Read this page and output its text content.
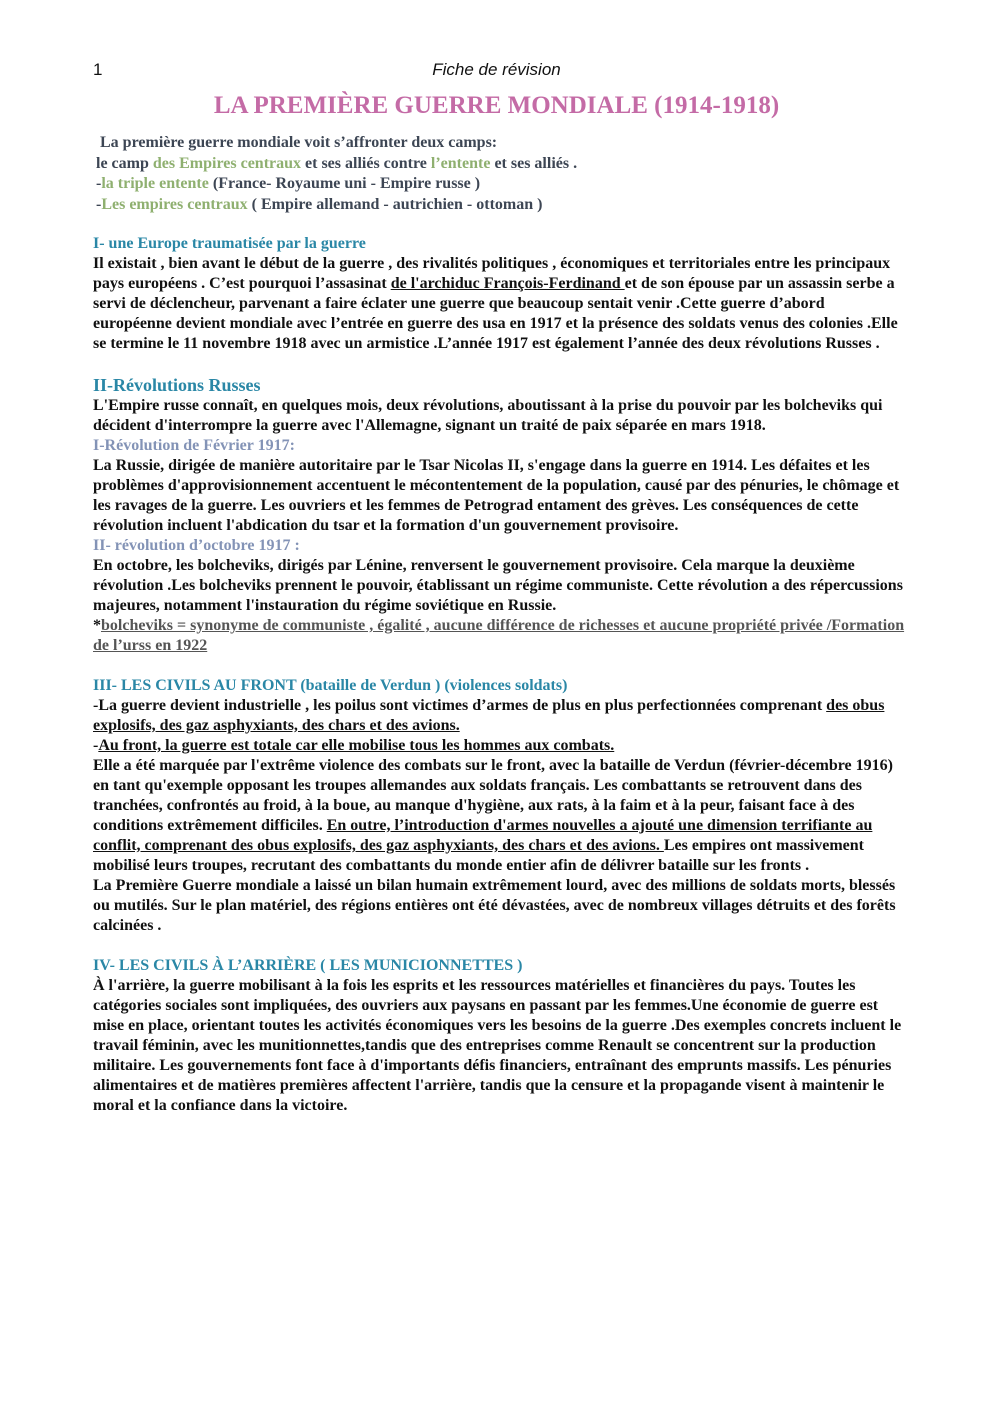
1	Fiche de révision
LA PREMIÈRE GUERRE MONDIALE (1914-1918)
La première guerre mondiale voit s’affronter deux camps:
le camp des Empires centraux et ses alliés contre l’entente et ses alliés .
-la triple entente (France- Royaume uni - Empire russe )
-Les empires centraux ( Empire allemand - autrichien - ottoman )
I- une Europe traumatisée par la guerre

Il existait , bien avant le début de la guerre , des rivalités politiques , économiques et territoriales entre les principaux pays européens . C’est pourquoi l’assasinat de l'archiduc François-Ferdinand et de son épouse par un assassin serbe a servi de déclencheur, parvenant a faire éclater une guerre que beaucoup sentait venir .Cette guerre d’abord européenne devient mondiale avec l’entrée en guerre des usa en 1917 et la présence des soldats venus des colonies .Elle se termine le 11 novembre 1918 avec un armistice .L’année 1917 est également l’année des deux révolutions Russes .

II-Révolutions Russes

L'Empire russe connaît, en quelques mois, deux révolutions, aboutissant à la prise du pouvoir par les bolcheviks qui décident d'interrompre la guerre avec l'Allemagne, signant un traité de paix séparée en mars 1918.

I-Révolution de Février 1917:

La Russie, dirigée de manière autoritaire par le Tsar Nicolas II, s'engage dans la guerre en 1914. Les défaites et les problèmes d'approvisionnement accentuent le mécontentement de la population, causé par des pénuries, le chômage et les ravages de la guerre. Les ouvriers et les femmes de Petrograd entament des grèves. Les conséquences de cette révolution incluent l'abdication du tsar et la formation d'un gouvernement provisoire.

II- révolution d’octobre 1917 :

En octobre, les bolcheviks, dirigés par Lénine, renversent le gouvernement provisoire. Cela marque la deuxième révolution .Les bolcheviks prennent le pouvoir, établissant un régime communiste. Cette révolution a des répercussions majeures, notamment l'instauration du régime soviétique en Russie.

*bolcheviks = synonyme de communiste , égalité , aucune différence de richesses et aucune propriété privée /Formation de l’urss en 1922

III- LES CIVILS AU FRONT (bataille de Verdun ) (violences soldats)

-La guerre devient industrielle , les poilus sont victimes d’armes de plus en plus perfectionnées comprenant des obus explosifs, des gaz asphyxiants, des chars et des avions.

-Au front, la guerre est totale car elle mobilise tous les hommes aux combats.

Elle a été marquée par l'extrême violence des combats sur le front, avec la bataille de Verdun (février-décembre 1916) en tant qu'exemple opposant les troupes allemandes aux soldats français. Les combattants se retrouvent dans des tranchées, confrontés au froid, à la boue, au manque d'hygiène, aux rats, à la faim et à la peur, faisant face à des conditions extrêmement difficiles. En outre, l’introduction d'armes nouvelles a ajouté une dimension terrifiante au conflit, comprenant des obus explosifs, des gaz asphyxiants, des chars et des avions. Les empires ont massivement mobilisé leurs troupes, recrutant des combattants du monde entier afin de délivrer bataille sur les fronts .

La Première Guerre mondiale a laissé un bilan humain extrêmement lourd, avec des millions de soldats morts, blessés ou mutilés. Sur le plan matériel, des régions entières ont été dévastées, avec de nombreux villages détruits et des forêts calcinées .

IV- LES CIVILS À L’ARRIÈRE ( LES MUNICIONNETTES )

À l'arrière, la guerre mobilisant à la fois les esprits et les ressources matérielles et financières du pays. Toutes les catégories sociales sont impliquées, des ouvriers aux paysans en passant par les femmes.Une économie de guerre est mise en place, orientant toutes les activités économiques vers les besoins de la guerre .Des exemples concrets incluent le travail féminin, avec les munitionnettes,tandis que des entreprises comme Renault se concentrent sur la production militaire. Les gouvernements font face à d'importants défis financiers, entraînant des emprunts massifs. Les pénuries alimentaires et de matières premières affectent l'arrière, tandis que la censure et la propagande visent à maintenir le moral et la confiance dans la victoire.
